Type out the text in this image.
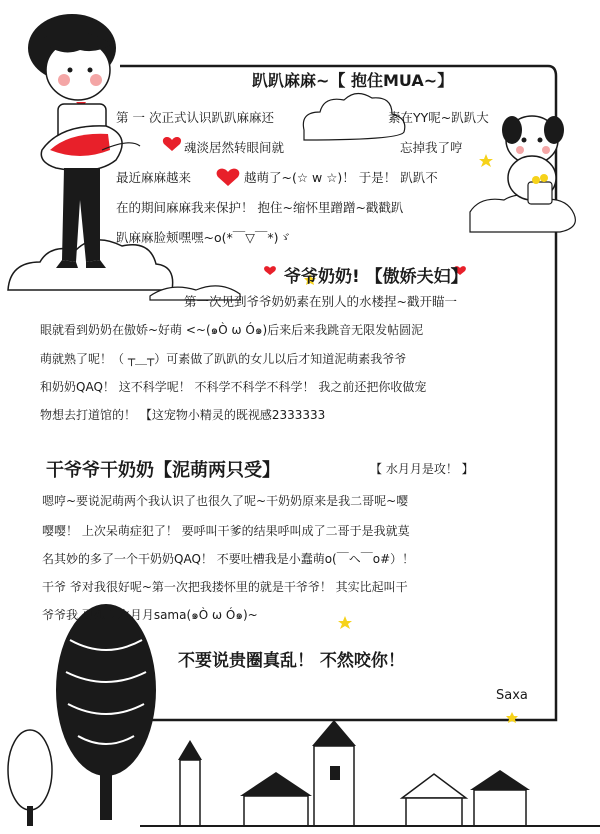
趴趴麻麻~【 抱住MUA~】
第 一 次正式认识趴趴麻麻还	素在YY呢~趴趴大
魂淡居然转眼间就	忘掉我了哼
最近麻麻越来	越萌了~(☆ w ☆)！ 于是！ 趴趴不
在的期间麻麻我来保护！ 抱住~缩怀里蹭蹭~戳戳趴
趴麻麻脸颊嘿嘿~o(*￣▽￣*)ゞ
爷爷奶奶! 【傲娇夫妇】
第一次见到爷爷奶奶素在别人的水楼捏~戳开瞄一
眼就看到奶奶在傲娇~好萌 <~(๑Ò ω Ó๑)后来后来我跳音无限发帖圆泥
萌就熟了呢！（ ┬＿┬）可素做了趴趴的女儿以后才知道泥萌素我爷爷
和奶奶QAQ！ 这不科学呢！ 不科学不科学不科学！ 我之前还把你收做宠
物想去打道馆的！ 【这宠物小精灵的既视感2333333
干爷爷干奶奶【泥萌两只受】	【 水月月是攻！ 】
嗯哼~要说泥萌两个我认识了也很久了呢~干奶奶原来是我二哥呢~嘤
嘤嘤！ 上次呆萌症犯了！ 要呼叫干爹的结果呼叫成了二哥于是我就莫
名其妙的多了一个干奶奶QAQ！ 不要吐槽我是小蠢萌o(￣ヘ￣o#）！
干爷 爷对我很好呢~第一次把我搂怀里的就是干爷爷！ 其实比起叫干
爷爷我 更想叫水月月sama(๑Ò ω Ó๑)~
不要说贵圈真乱！ 不然咬你！
Saxa
